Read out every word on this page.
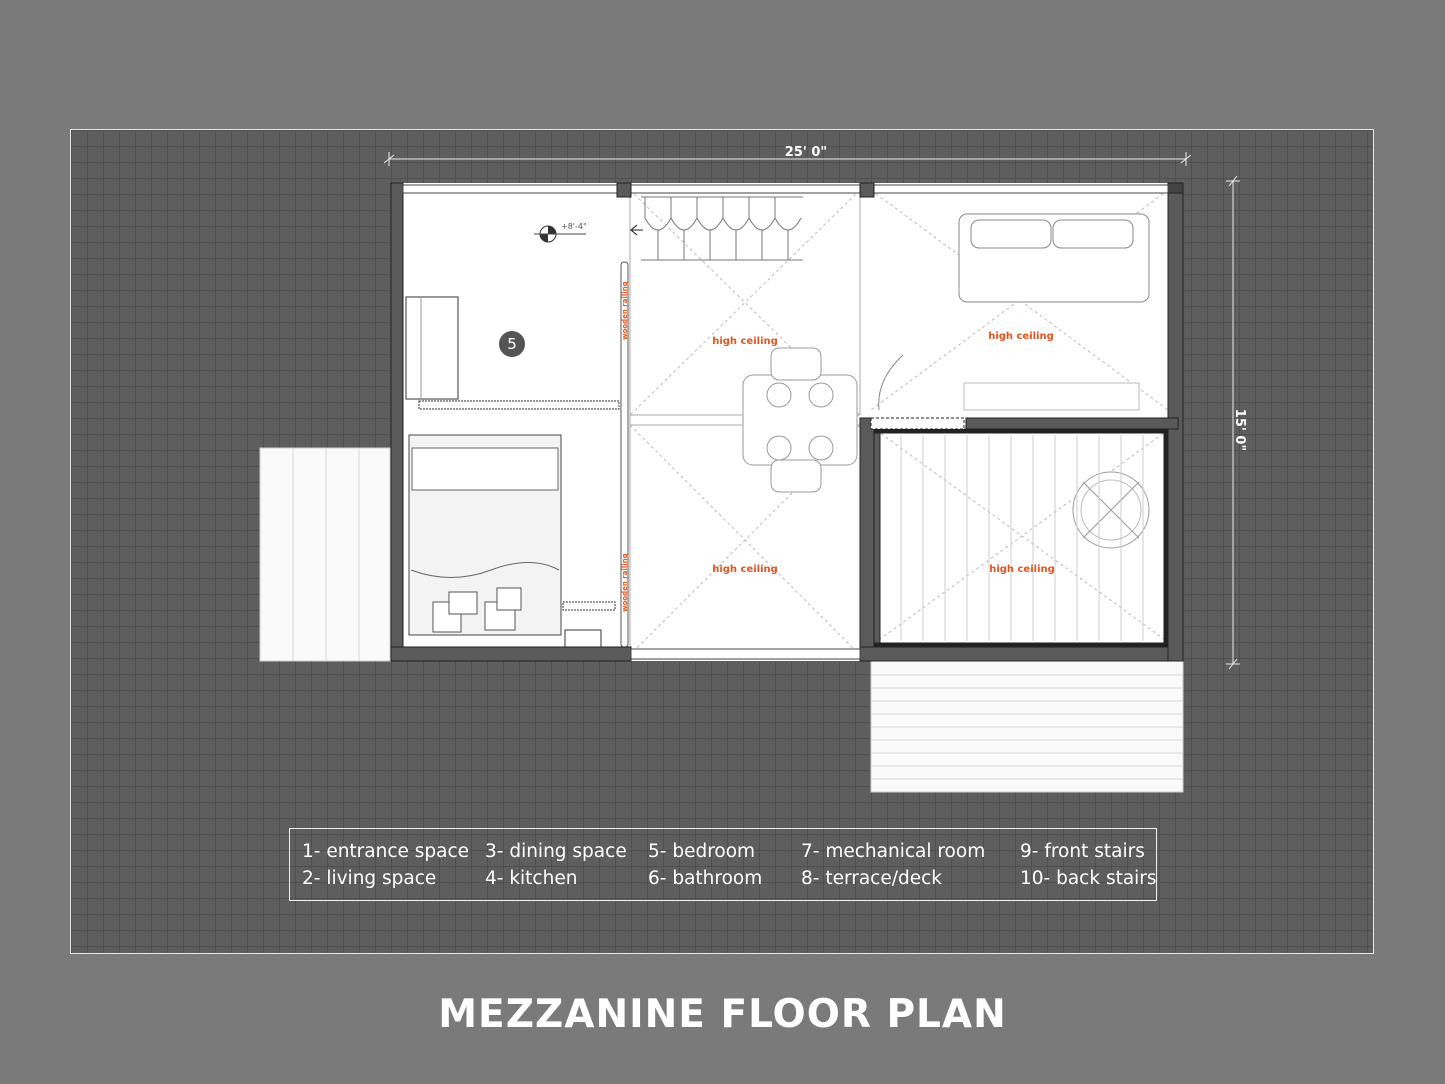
+8'-4"
5
wooden railing
wooden railing
high ceiling	high ceiling
high ceiling	high ceiling
25' 0"
15' 0"
1- entrance space
2- living space
3- dining space
4- kitchen
5- bedroom
6- bathroom
7- mechanical room
8- terrace/deck
9- front stairs
10- back stairs
MEZZANINE FLOOR PLAN
